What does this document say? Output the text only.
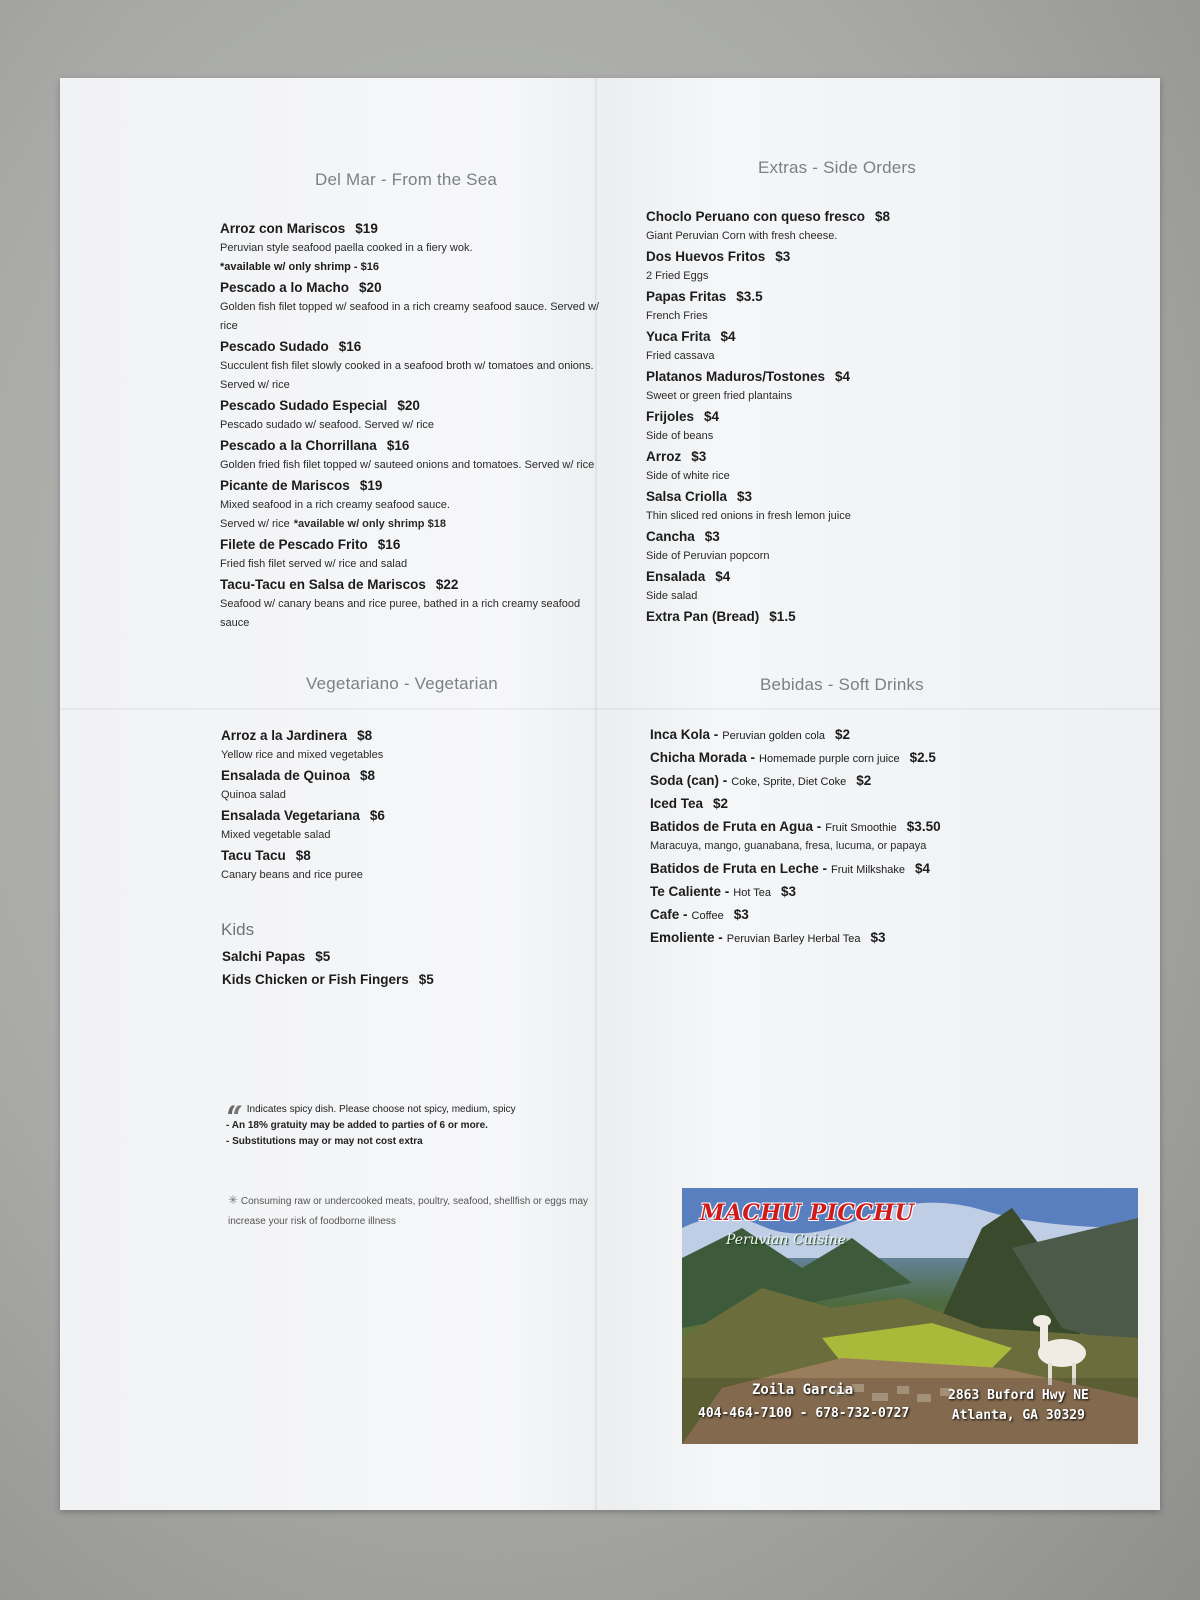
Del Mar - From the Sea
Arroz con Mariscos $19
Peruvian style seafood paella cooked in a fiery wok.
*available w/ only shrimp - $16
Pescado a lo Macho $20
Golden fish filet topped w/ seafood in a rich creamy seafood sauce. Served w/ rice
Pescado Sudado $16
Succulent fish filet slowly cooked in a seafood broth w/ tomatoes and onions. Served w/ rice
Pescado Sudado Especial $20
Pescado sudado w/ seafood. Served w/ rice
Pescado a la Chorrillana $16
Golden fried fish filet topped w/ sauteed onions and tomatoes. Served w/ rice
Picante de Mariscos $19
Mixed seafood in a rich creamy seafood sauce.
Served w/ rice *available w/ only shrimp $18
Filete de Pescado Frito $16
Fried fish filet served w/ rice and salad
Tacu-Tacu en Salsa de Mariscos $22
Seafood w/ canary beans and rice puree, bathed in a rich creamy seafood sauce
Extras - Side Orders
Choclo Peruano con queso fresco $8
Giant Peruvian Corn with fresh cheese.
Dos Huevos Fritos $3
2 Fried Eggs
Papas Fritas $3.5
French Fries
Yuca Frita $4
Fried cassava
Platanos Maduros/Tostones $4
Sweet or green fried plantains
Frijoles $4
Side of beans
Arroz $3
Side of white rice
Salsa Criolla $3
Thin sliced red onions in fresh lemon juice
Cancha $3
Side of Peruvian popcorn
Ensalada $4
Side salad
Extra Pan (Bread) $1.5
Vegetariano - Vegetarian
Arroz a la Jardinera $8
Yellow rice and mixed vegetables
Ensalada de Quinoa $8
Quinoa salad
Ensalada Vegetariana $6
Mixed vegetable salad
Tacu Tacu $8
Canary beans and rice puree
Kids
Salchi Papas $5
Kids Chicken or Fish Fingers $5
Bebidas - Soft Drinks
Inca Kola - Peruvian golden cola $2
Chicha Morada - Homemade purple corn juice $2.5
Soda (can) - Coke, Sprite, Diet Coke $2
Iced Tea $2
Batidos de Fruta en Agua - Fruit Smoothie $3.50
Maracuya, mango, guanabana, fresa, lucuma, or papaya
Batidos de Fruta en Leche - Fruit Milkshake $4
Te Caliente - Hot Tea $3
Cafe - Coffee $3
Emoliente - Peruvian Barley Herbal Tea $3
Indicates spicy dish. Please choose not spicy, medium, spicy
- An 18% gratuity may be added to parties of 6 or more.
- Substitutions may or may not cost extra
✳ Consuming raw or undercooked meats, poultry, seafood, shellfish or eggs may increase your risk of foodborne illness	MACHU PICCHU
Peruvian Cuisine
Zoila Garcia
404-464-7100 - 678-732-0727
2863 Buford Hwy NE
Atlanta, GA 30329
